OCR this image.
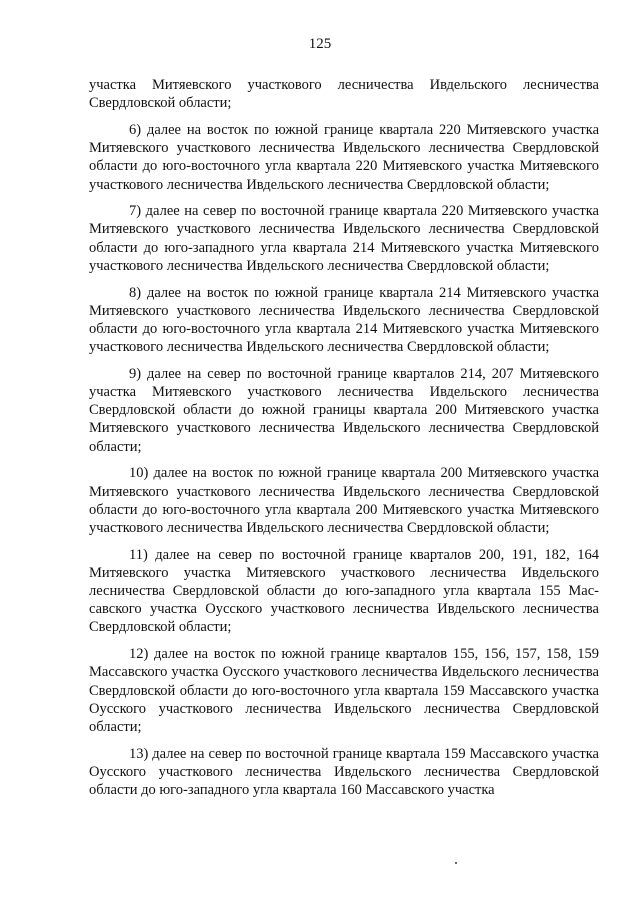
125

участка Митяевского участкового лесничества Ивдельского лесничества Свердловской области;

6) далее на восток по южной границе квартала 220 Митяевского участка Митяевского участкового лесничества Ивдельского лесничества Свердловской области до юго-восточного угла квартала 220 Митяевского участка Митяевского участкового лесничества Ивдельского лесничества Свердловской области;

7) далее на север по восточной границе квартала 220 Митяевского участка Митяевского участкового лесничества Ивдельского лесничества Свердловской области до юго-западного угла квартала 214 Митяевского участка Митяевского участкового лесничества Ивдельского лесничества Свердловской области;

8) далее на восток по южной границе квартала 214 Митяевского участка Митяевского участкового лесничества Ивдельского лесничества Свердловской области до юго-восточного угла квартала 214 Митяевского участка Митяевского участкового лесничества Ивдельского лесничества Свердловской области;

9) далее на север по восточной границе кварталов 214, 207 Митяевского участка Митяевского участкового лесничества Ивдельского лесничества Свердловской области до южной границы квартала 200 Митяевского участка Митяевского участкового лесничества Ивдельского лесничества Свердловской области;

10) далее на восток по южной границе квартала 200 Митяевского участка Митяевского участкового лесничества Ивдельского лесничества Свердловской области до юго-восточного угла квартала 200 Митяевского участка Митяевского участкового лесничества Ивдельского лесничества Свердловской области;

11) далее на север по восточной границе кварталов 200, 191, 182, 164 Митяевского участка Митяевского участкового лесничества Ивдельского лесничества Свердловской области до юго-западного угла квартала 155 Массавского участка Оусского участкового лесничества Ивдельского лесничества Свердловской области;

12) далее на восток по южной границе кварталов 155, 156, 157, 158, 159 Массавского участка Оусского участкового лесничества Ивдельского лесничества Свердловской области до юго-восточного угла квартала 159 Массавского участка Оусского участкового лесничества Ивдельского лесничества Свердловской области;

13) далее на север по восточной границе квартала 159 Массавского участка Оусского участкового лесничества Ивдельского лесничества Свердловской области до юго-западного угла квартала 160 Массавского участка
